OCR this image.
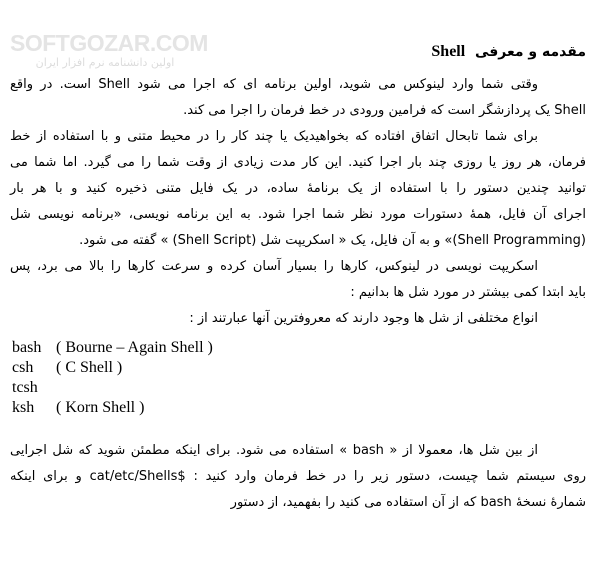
SOFTGOZAR.COM
اولین دانشنامه نرم افزار ایران
مقدمه و معرفی  Shell
وقتی شما وارد لینوکس می شوید، اولین برنامه ای که اجرا می شود Shell است. در واقع
Shell یک پردازشگر است که فرامین ورودی در خط فرمان را اجرا می کند.
برای شما تابحال اتفاق افتاده که بخواهیدیک یا چند کار را در محیط متنی و با استفاده از خط
فرمان، هر روز یا روزی چند بار اجرا کنید. این کار مدت زیادی از وقت شما را می گیرد. اما شما می
توانید چندین دستور را با استفاده از یک برنامهٔ ساده، در یک فایل متنی ذخیره کنید و با هر بار
اجرای آن فایل، همهٔ دستورات مورد نظر شما اجرا شود. به این برنامه نویسی، «برنامه نویسی شل
(Shell Programming)» و به آن فایل، یک « اسکریپت شل (Shell Script) » گفته می شود.
اسکریپت نویسی در لینوکس، کارها را بسیار آسان کرده و سرعت کارها را بالا می برد، پس
باید ابتدا کمی بیشتر در مورد شل ها بدانیم :
انواع مختلفی از شل ها وجود دارند که معروفترین آنها عبارتند از :
bash ( Bourne – Again Shell )
csh ( C Shell )
tcsh
ksh ( Korn Shell )
از بین شل ها، معمولا از « bash » استفاده می شود. برای اینکه مطمئن شوید که شل اجرایی
روی سیستم شما چیست، دستور زیر را در خط فرمان وارد کنید : $cat/etc/Shells و برای اینکه
شمارهٔ نسخهٔ bash که از آن استفاده می کنید را بفهمید، از دستور
